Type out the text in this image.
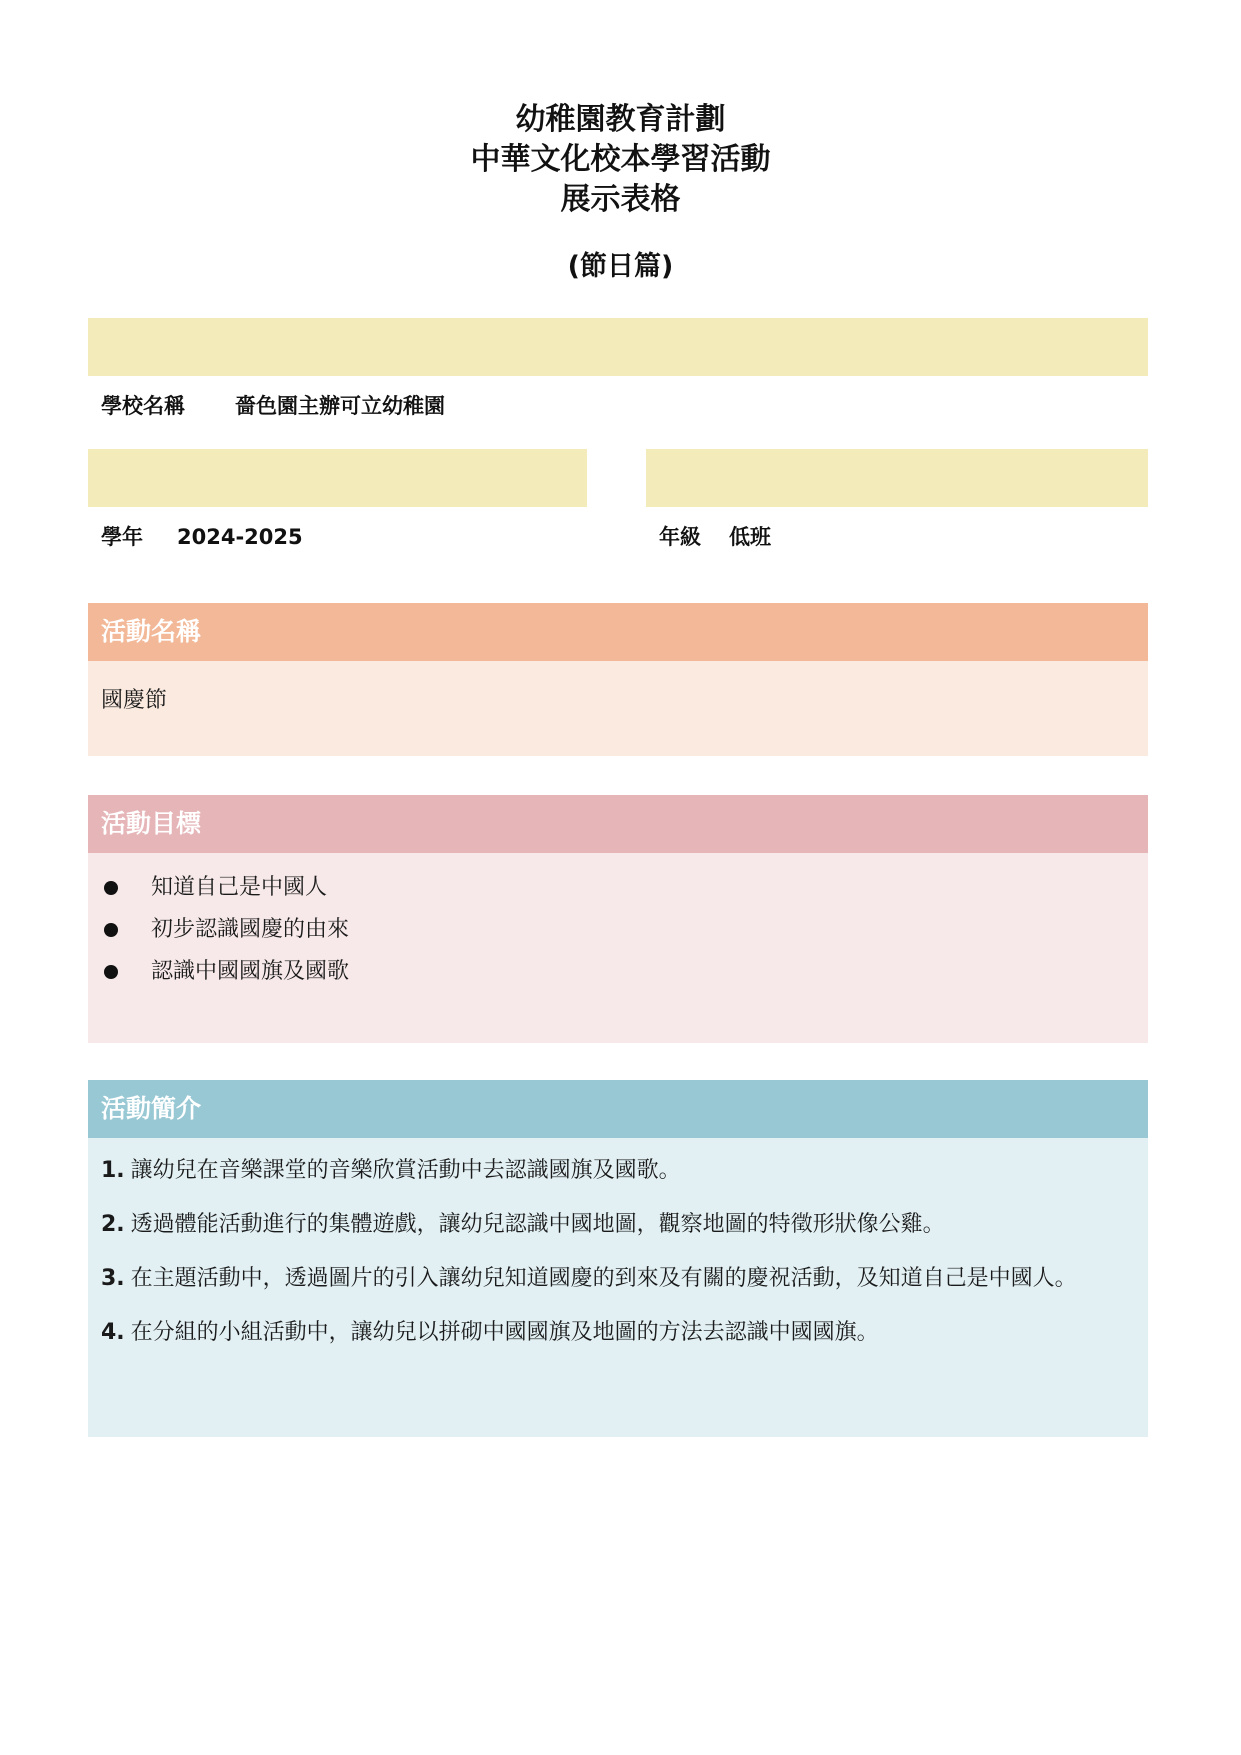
幼稚園教育計劃
中華文化校本學習活動
展示表格
(節日篇)
學校名稱 嗇色園主辦可立幼稚園
學年 2024-2025	年級 低班
活動名稱
國慶節
活動目標
知道自己是中國人
初步認識國慶的由來
認識中國國旗及國歌
活動簡介
1. 讓幼兒在音樂課堂的音樂欣賞活動中去認識國旗及國歌。
2. 透過體能活動進行的集體遊戲，讓幼兒認識中國地圖，觀察地圖的特徵形狀像公雞。
3. 在主題活動中，透過圖片的引入讓幼兒知道國慶的到來及有關的慶祝活動，及知道自己是中國人。
4. 在分組的小組活動中，讓幼兒以拼砌中國國旗及地圖的方法去認識中國國旗。
